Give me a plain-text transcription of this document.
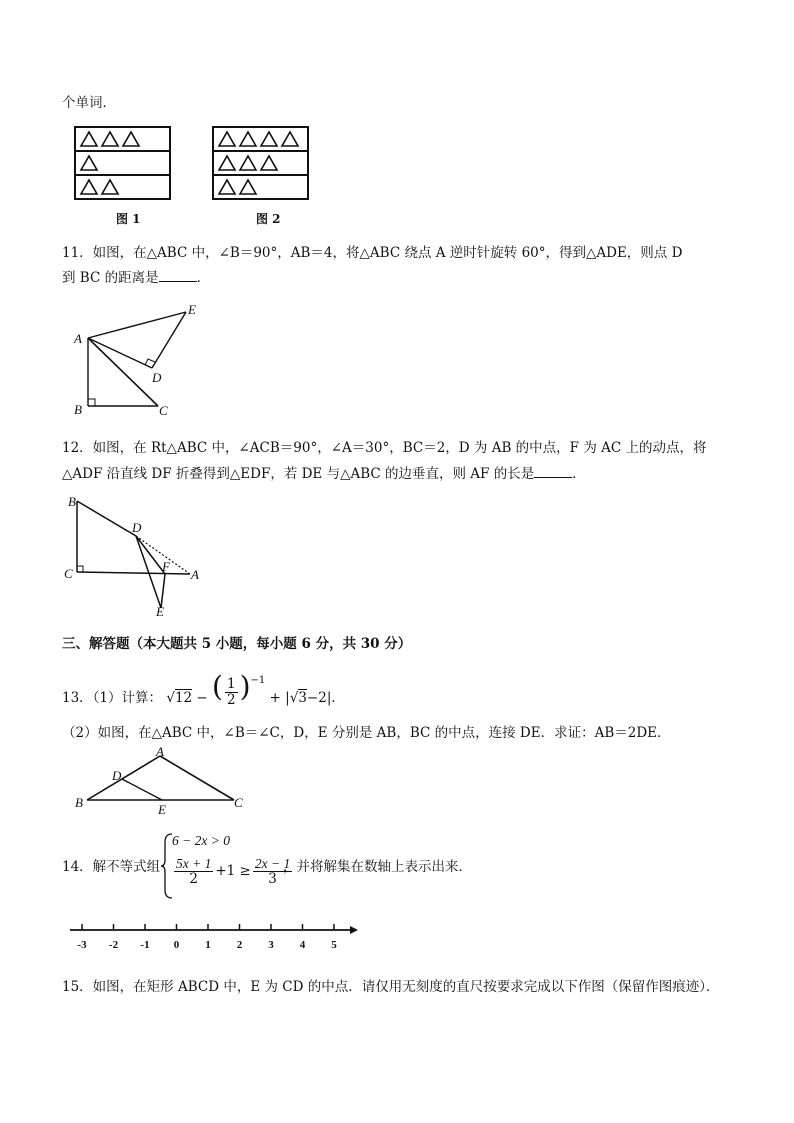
个单词．
图 1	图 2
11．如图，在△ABC 中，∠B＝90°，AB＝4，将△ABC 绕点 A 逆时针旋转 60°，得到△ADE，则点 D
到 BC 的距离是	．
A
E
D
B	C
12．如图，在 Rt△ABC 中，∠ACB＝90°，∠A＝30°，BC＝2，D 为 AB 的中点，F 为 AC 上的动点，将
△ADF 沿直线 DF 折叠得到△EDF，若 DE 与△ABC 的边垂直，则 AF 的长是	．
B
D
C	F
A
E
三、解答题（本大题共 5 小题，每小题 6 分，共 30 分）
13．（1）计算： √12 − ( $\frac{1}{2} )^{-1} + |√3-2|$．
（2）如图，在△ABC 中，∠B＝∠C，D，E 分别是 AB，BC 的中点，连接 DE．求证：AB＝2DE．
A
D
B	E	C
14．解不等式组
6 − 2x > 0
$\frac{5x + 1}{2} +1 \ge \frac{2x - 1}{3}$
，并将解集在数轴上表示出来．
-3 -2 -1 0 1 2 3 4 5
15．如图，在矩形 ABCD 中，E 为 CD 的中点．请仅用无刻度的直尺按要求完成以下作图（保留作图痕迹）．
